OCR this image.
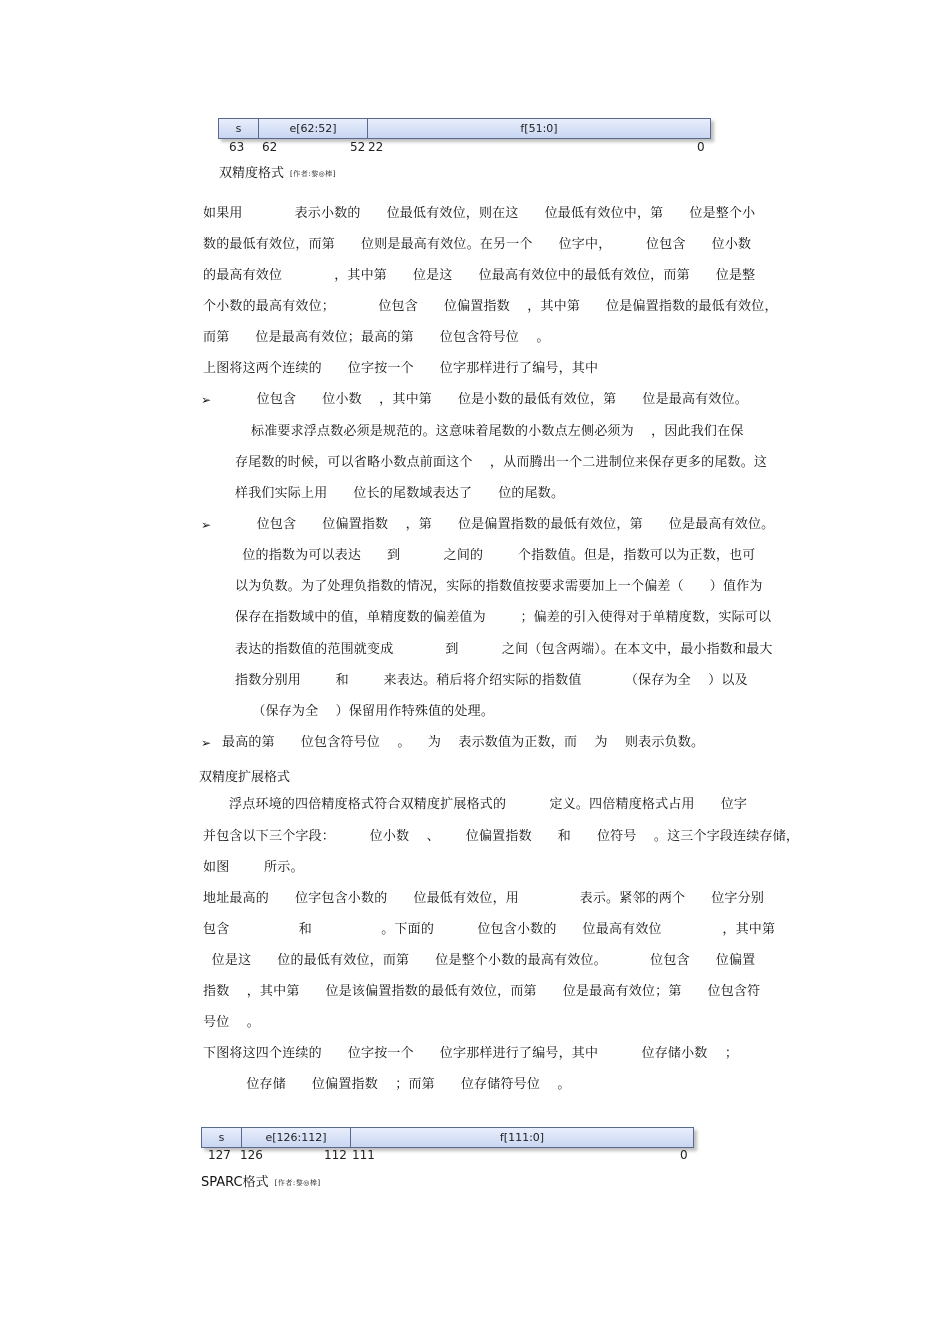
s	e[62:52]	f[51:0]
63 62	52 22	0
双精度格式 [作者:黎◎棒]
如果用            表示小数的      位最低有效位，则在这      位最低有效位中，第      位是整个小
数的最低有效位，而第      位则是最高有效位。在另一个      位字中，        位包含      位小数
的最高有效位            ，其中第      位是这      位最高有效位中的最低有效位，而第      位是整
个小数的最高有效位；          位包含      位偏置指数    ，其中第      位是偏置指数的最低有效位，
而第      位是最高有效位；最高的第      位包含符号位    。
上图将这两个连续的      位字按一个      位字那样进行了编号，其中
➢ 位包含      位小数    ，其中第      位是小数的最低有效位，第      位是最高有效位。
标准要求浮点数必须是规范的。这意味着尾数的小数点左侧必须为    ，因此我们在保
存尾数的时候，可以省略小数点前面这个    ，从而腾出一个二进制位来保存更多的尾数。这
样我们实际上用      位长的尾数域表达了      位的尾数。
➢ 位包含      位偏置指数    ，第      位是偏置指数的最低有效位，第      位是最高有效位。
位的指数为可以表达      到          之间的        个指数值。但是，指数可以为正数，也可
以为负数。为了处理负指数的情况，实际的指数值按要求需要加上一个偏差（      ）值作为
保存在指数域中的值，单精度数的偏差值为        ；偏差的引入使得对于单精度数，实际可以
表达的指数值的范围就变成            到          之间（包含两端）。在本文中，最小指数和最大
指数分别用        和        来表达。稍后将介绍实际的指数值          （保存为全    ）以及
（保存为全    ）保留用作特殊值的处理。
➢ 最高的第      位包含符号位    。    为    表示数值为正数，而    为    则表示负数。
双精度扩展格式
浮点环境的四倍精度格式符合双精度扩展格式的          定义。四倍精度格式占用      位字
并包含以下三个字段：        位小数    、      位偏置指数      和      位符号    。这三个字段连续存储，
如图        所示。
地址最高的      位字包含小数的      位最低有效位，用              表示。紧邻的两个      位字分别
包含                和                。下面的          位包含小数的      位最高有效位              ，其中第
位是这      位的最低有效位，而第      位是整个小数的最高有效位。          位包含      位偏置
指数    ，其中第      位是该偏置指数的最低有效位，而第      位是最高有效位；第      位包含符
号位    。
下图将这四个连续的      位字按一个      位字那样进行了编号，其中          位存储小数    ；
位存储      位偏置指数    ；而第      位存储符号位    。
s	e[126:112]	f[111:0]
127 126	112 111	0
SPARC格式 [作者:黎◎棒]
